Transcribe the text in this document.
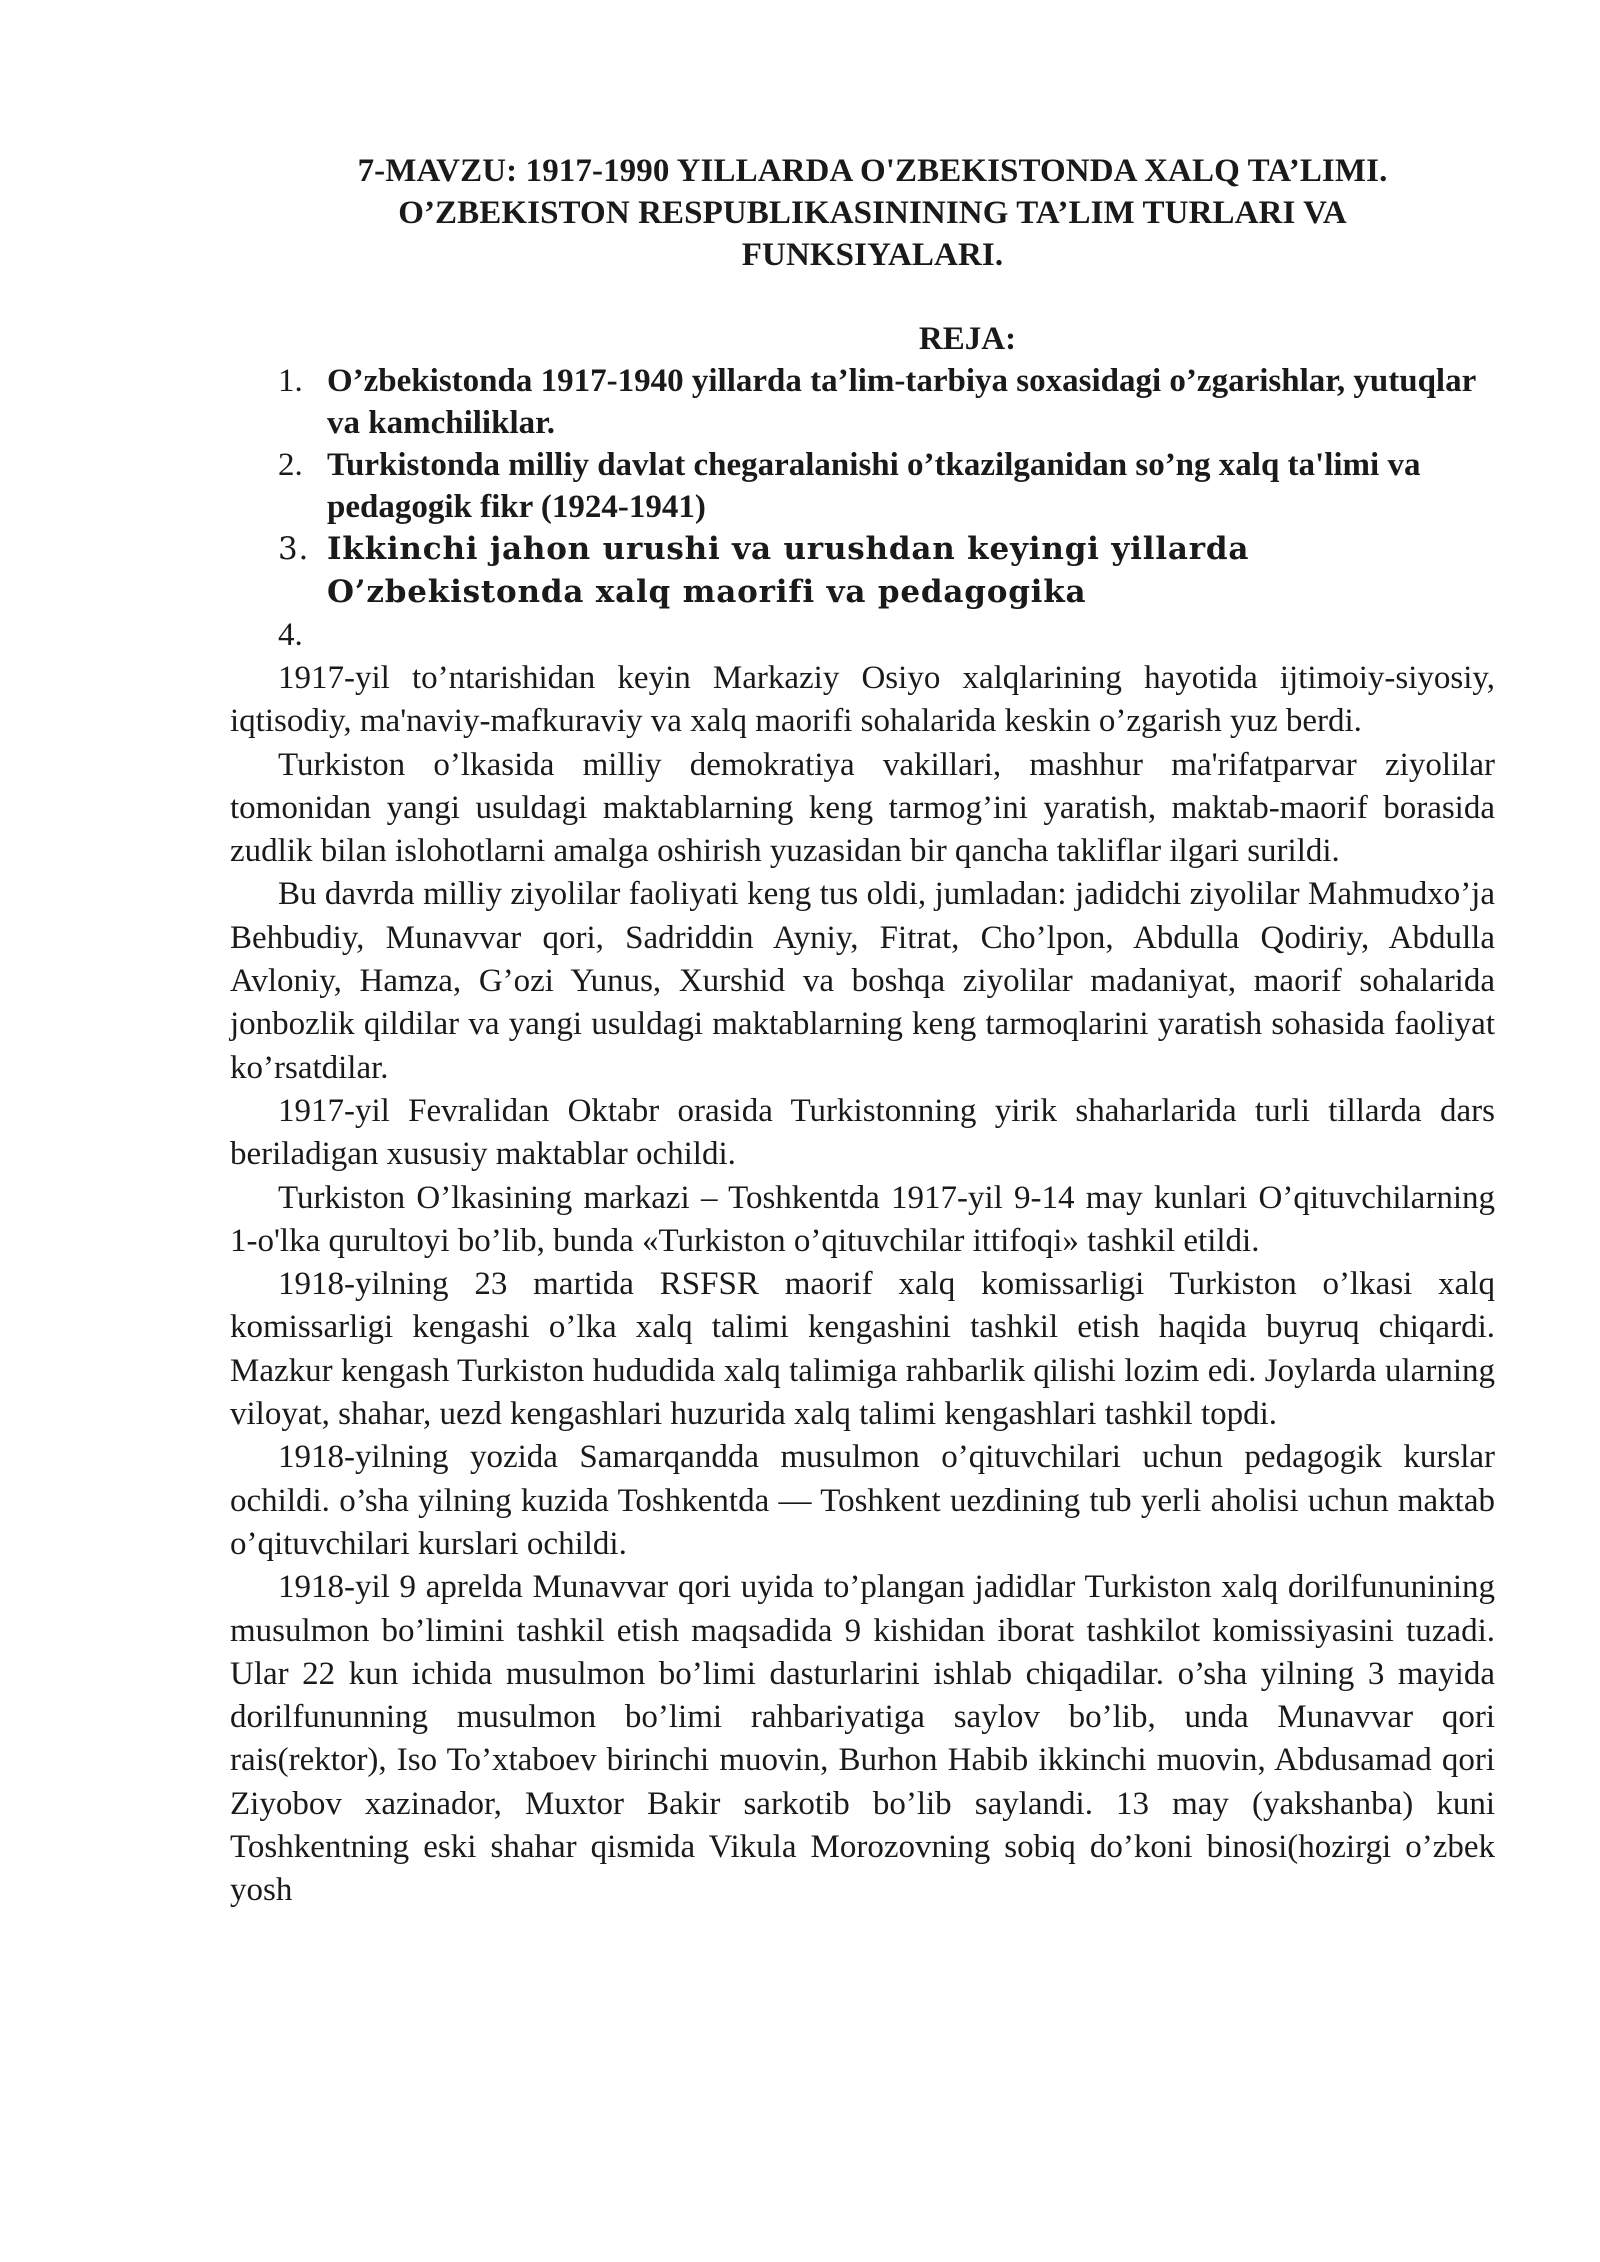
7-MAVZU: 1917-1990 YILLARDA O'ZBEKISTONDA XALQ TA’LIMI.
O’ZBEKISTON RESPUBLIKASININING TA’LIM TURLARI VA
FUNKSIYALARI.
REJA:
1. O’zbekistonda 1917-1940 yillarda ta’lim-tarbiya soxasidagi o’zgarishlar, yutuqlar va kamchiliklar.
2. Turkistonda milliy davlat chegaralanishi o’tkazilganidan so’ng xalq ta'limi va pedagogik fikr (1924-1941)
3. Ikkinchi jahon urushi va urushdan keyingi yillarda O’zbekistonda xalq maorifi va pedagogika
4.

1917-yil to’ntarishidan keyin Markaziy Osiyo xalqlarining hayotida ijtimoiy-siyosiy, iqtisodiy, ma'naviy-mafkuraviy va xalq maorifi sohalarida keskin o’zgarish yuz berdi.

Turkiston o’lkasida milliy demokratiya vakillari, mashhur ma'rifatparvar ziyolilar tomonidan yangi usuldagi maktablarning keng tarmog’ini yaratish, maktab-maorif borasida zudlik bilan islohotlarni amalga oshirish yuzasidan bir qancha takliflar ilgari surildi.

Bu davrda milliy ziyolilar faoliyati keng tus oldi, jumladan: jadidchi ziyolilar Mahmudxo’ja Behbudiy, Munavvar qori, Sadriddin Ayniy, Fitrat, Cho’lpon, Abdulla Qodiriy, Abdulla Avloniy, Hamza, G’ozi Yunus, Xurshid va boshqa ziyolilar madaniyat, maorif sohalarida jonbozlik qildilar va yangi usuldagi maktablarning keng tarmoqlarini yaratish sohasida faoliyat ko’rsatdilar.

1917-yil Fevralidan Oktabr orasida Turkistonning yirik shaharlarida turli tillarda dars beriladigan xususiy maktablar ochildi.

Turkiston O’lkasining markazi – Toshkentda 1917-yil 9-14 may kunlari O’qituvchilarning 1-o'lka qurultoyi bo’lib, bunda «Turkiston o’qituvchilar ittifoqi» tashkil etildi.

1918-yilning 23 martida RSFSR maorif xalq komissarligi Turkiston o’lkasi xalq komissarligi kengashi o’lka xalq talimi kengashini tashkil etish haqida buyruq chiqardi. Mazkur kengash Turkiston hududida xalq talimiga rahbarlik qilishi lozim edi. Joylarda ularning viloyat, shahar, uezd kengashlari huzurida xalq talimi kengashlari tashkil topdi.

1918-yilning yozida Samarqandda musulmon o’qituvchilari uchun pedagogik kurslar ochildi. o’sha yilning kuzida Toshkentda — Toshkent uezdining tub yerli aholisi uchun maktab o’qituvchilari kurslari ochildi.

1918-yil 9 aprelda Munavvar qori uyida to’plangan jadidlar Turkiston xalq dorilfununining musulmon bo’limini tashkil etish maqsadida 9 kishidan iborat tashkilot komissiyasini tuzadi. Ular 22 kun ichida musulmon bo’limi dasturlarini ishlab chiqadilar. o’sha yilning 3 mayida dorilfununning musulmon bo’limi rahbariyatiga saylov bo’lib, unda Munavvar qori rais(rektor), Iso To’xtaboev birinchi muovin, Burhon Habib ikkinchi muovin, Abdusamad qori Ziyobov xazinador, Muxtor Bakir sarkotib bo’lib saylandi. 13 may (yakshanba) kuni Toshkentning eski shahar qismida Vikula Morozovning sobiq do’koni binosi(hozirgi o’zbek yosh
